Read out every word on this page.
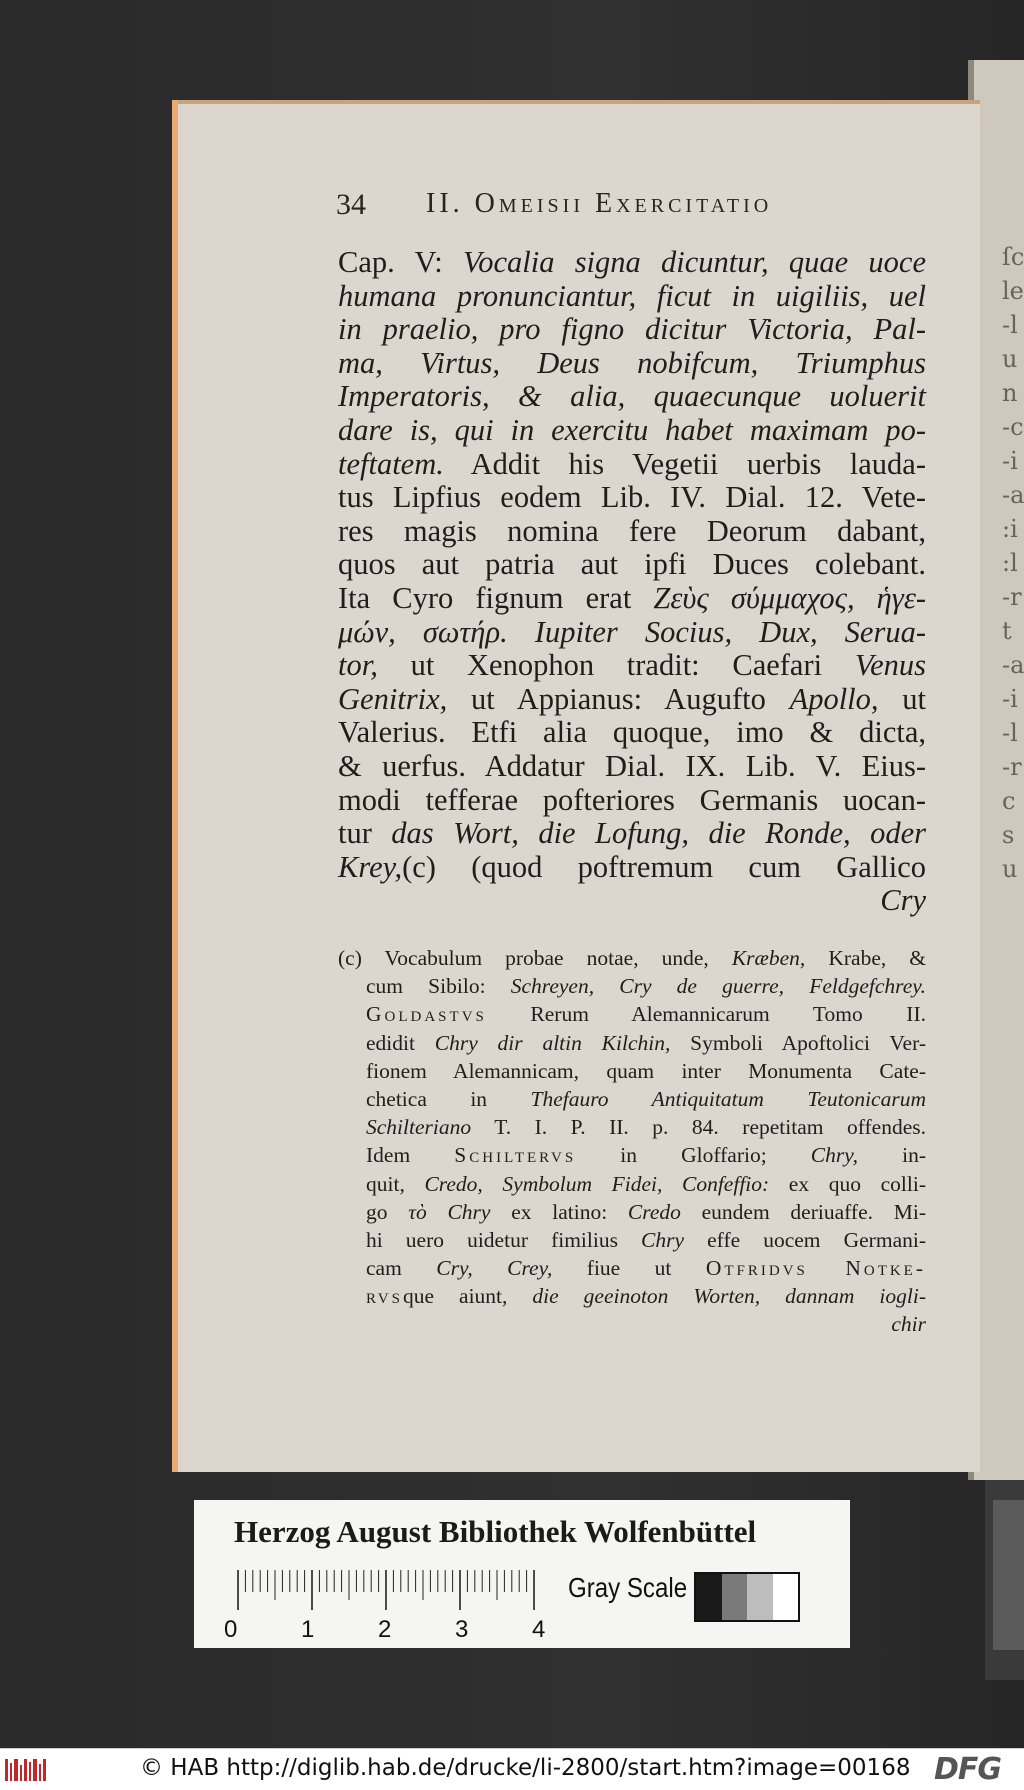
ſc
le
-l
u
n
-c
-i
-a
:i
:l
-r
t
-a
-i
-l
-r
c
s
u
34 II. Omeisii Exercitatio
Cap. V: Vocalia signa dicuntur, quae uoce
humana pronunciantur, ficut in uigiliis, uel
in praelio, pro figno dicitur Victoria, Pal-
ma, Virtus, Deus nobifcum, Triumphus
Imperatoris, & alia, quaecunque uoluerit
dare is, qui in exercitu habet maximam po-
teftatem. Addit his Vegetii uerbis lauda-
tus Lipfius eodem Lib. IV. Dial. 12. Vete-
res magis nomina fere Deorum dabant,
quos aut patria aut ipfi Duces colebant.
Ita Cyro fignum erat Ζεὺς σύμμαχος, ἡγε-
μών, σωτήρ. Iupiter Socius, Dux, Serua-
tor, ut Xenophon tradit: Caefari Venus
Genitrix, ut Appianus: Augufto Apollo, ut
Valerius. Etfi alia quoque, imo & dicta,
& uerfus. Addatur Dial. IX. Lib. V. Eius-
modi tefferae pofteriores Germanis uocan-
tur das Wort, die Lofung, die Ronde, oder
Krey,(c) (quod poftremum cum Gallico
Cry
(c) Vocabulum probae notae, unde, Kræben, Krabe, &
cum Sibilo: Schreyen, Cry de guerre, Feldgefchrey.
Goldastvs Rerum Alemannicarum Tomo II.
edidit Chry dir altin Kilchin, Symboli Apoftolici Ver-
fionem Alemannicam, quam inter Monumenta Cate-
chetica in Thefauro Antiquitatum Teutonicarum
Schilteriano T. I. P. II. p. 84. repetitam offendes.
Idem Schiltervs in Gloffario; Chry, in-
quit, Credo, Symbolum Fidei, Confeffio: ex quo colli-
go τὸ Chry ex latino: Credo eundem deriuaffe. Mi-
hi uero uidetur fimilius Chry effe uocem Germani-
cam Cry, Crey, fiue ut Otfridvs Notke-
rvsque aiunt, die geeinoton Worten, dannam iogli-
chir
Herzog August Bibliothek Wolfenbüttel
0	1	2	3	4
Gray Scale
© HAB http://diglib.hab.de/drucke/li-2800/start.htm?image=00168 DFG
